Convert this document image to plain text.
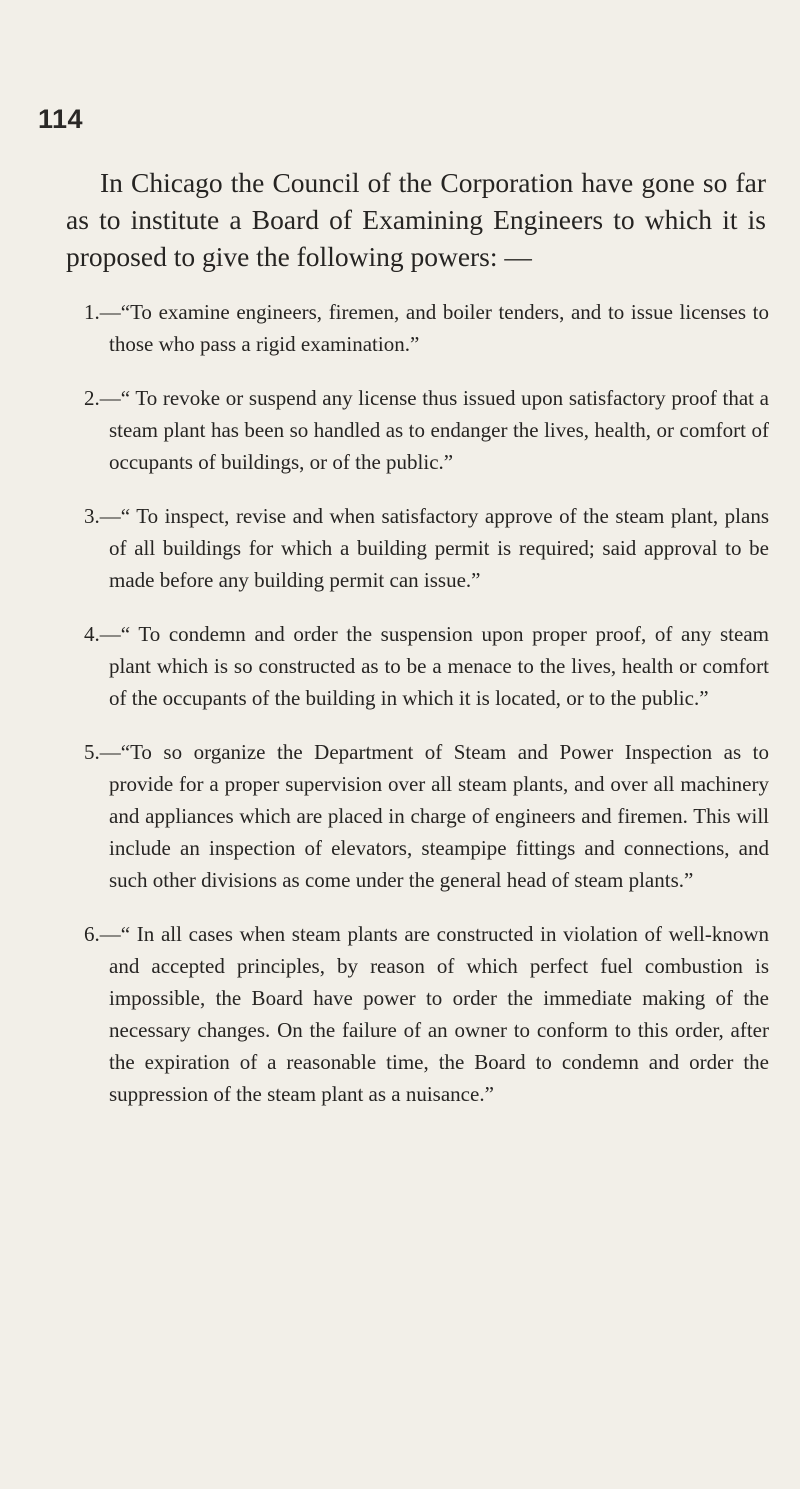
114

In Chicago the Council of the Corporation have gone so far as to institute a Board of Examining Engineers to which it is proposed to give the following powers: —

1. —“To examine engineers, firemen, and boiler tenders, and to issue licenses to those who pass a rigid examination.”
2. —“ To revoke or suspend any license thus issued upon satisfactory proof that a steam plant has been so handled as to endanger the lives, health, or comfort of occupants of buildings, or of the public.”
3. —“ To inspect, revise and when satisfactory approve of the steam plant, plans of all buildings for which a building permit is required; said approval to be made before any building permit can issue.”
4. —“ To condemn and order the suspension upon proper proof, of any steam plant which is so constructed as to be a menace to the lives, health or comfort of the occupants of the building in which it is located, or to the public.”
5. —“To so organize the Department of Steam and Power Inspection as to provide for a proper supervision over all steam plants, and over all machinery and appliances which are placed in charge of engineers and firemen. This will include an inspection of elevators, steampipe fittings and connections, and such other divisions as come under the general head of steam plants.”
6. —“ In all cases when steam plants are constructed in violation of well-known and accepted principles, by reason of which perfect fuel combustion is impossible, the Board have power to order the immediate making of the necessary changes. On the failure of an owner to conform to this order, after the expiration of a reasonable time, the Board to condemn and order the suppression of the steam plant as a nuisance.”
